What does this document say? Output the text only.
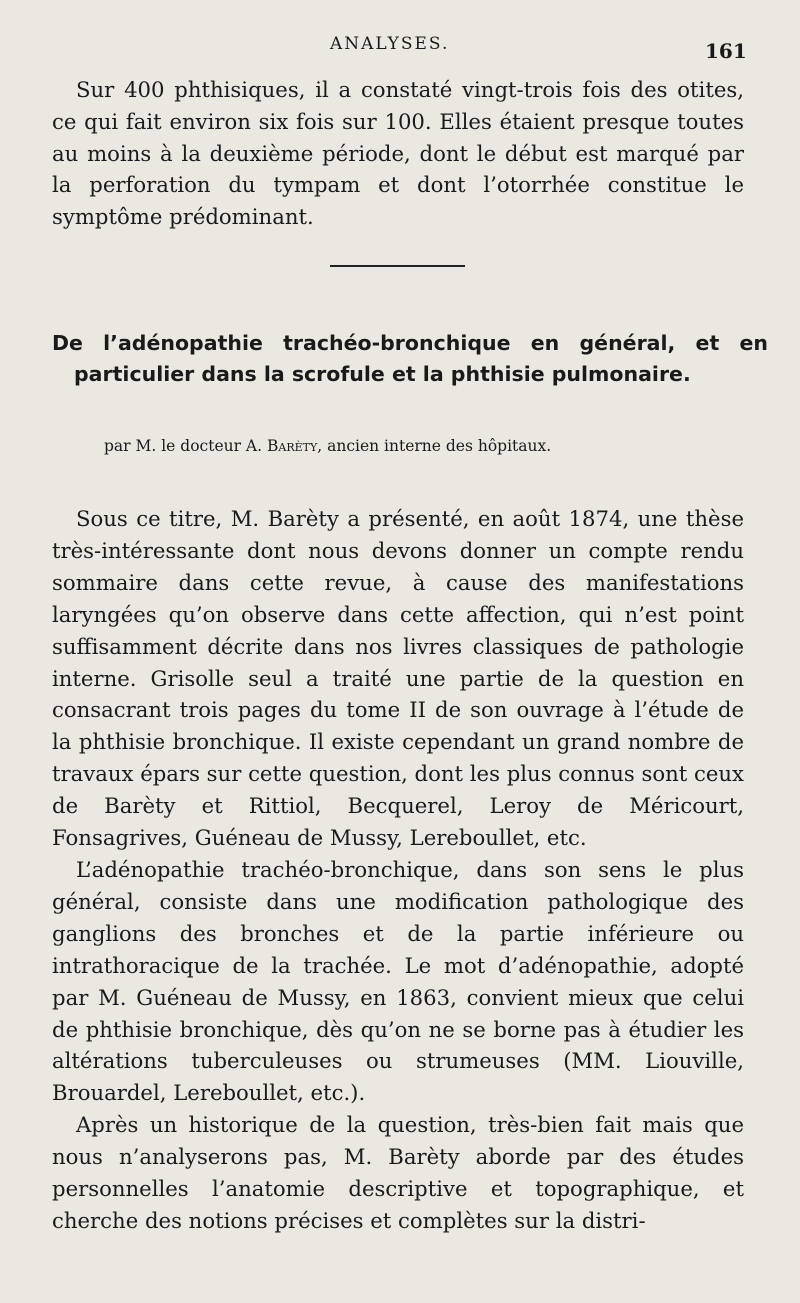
ANALYSES.	161

Sur 400 phthisiques, il a constaté vingt-trois fois des otites, ce qui fait environ six fois sur 100. Elles étaient presque toutes au moins à la deuxième période, dont le début est marqué par la perforation du tympam et dont l’otorrhée constitue le symptôme prédominant.

De l’adénopathie trachéo-bronchique en général, et en particulier dans la scrofule et la phthisie pulmonaire.

par M. le docteur A. Barèty, ancien interne des hôpitaux.

Sous ce titre, M. Barèty a présenté, en août 1874, une thèse très-intéressante dont nous devons donner un compte rendu sommaire dans cette revue, à cause des manifestations laryngées qu’on observe dans cette affection, qui n’est point suffisamment décrite dans nos livres classiques de pathologie interne. Grisolle seul a traité une partie de la question en consacrant trois pages du tome II de son ouvrage à l’étude de la phthisie bronchique. Il existe cependant un grand nombre de travaux épars sur cette question, dont les plus connus sont ceux de Barèty et Rittiol, Becquerel, Leroy de Méricourt, Fonsagrives, Guéneau de Mussy, Lereboullet, etc.

L’adénopathie trachéo-bronchique, dans son sens le plus général, consiste dans une modification pathologique des ganglions des bronches et de la partie inférieure ou intrathoracique de la trachée. Le mot d’adénopathie, adopté par M. Guéneau de Mussy, en 1863, convient mieux que celui de phthisie bronchique, dès qu’on ne se borne pas à étudier les altérations tuberculeuses ou strumeuses (MM. Liouville, Brouardel, Lereboullet, etc.).

Après un historique de la question, très-bien fait mais que nous n’analyserons pas, M. Barèty aborde par des études personnelles l’anatomie descriptive et topographique, et cherche des notions précises et complètes sur la distri-
